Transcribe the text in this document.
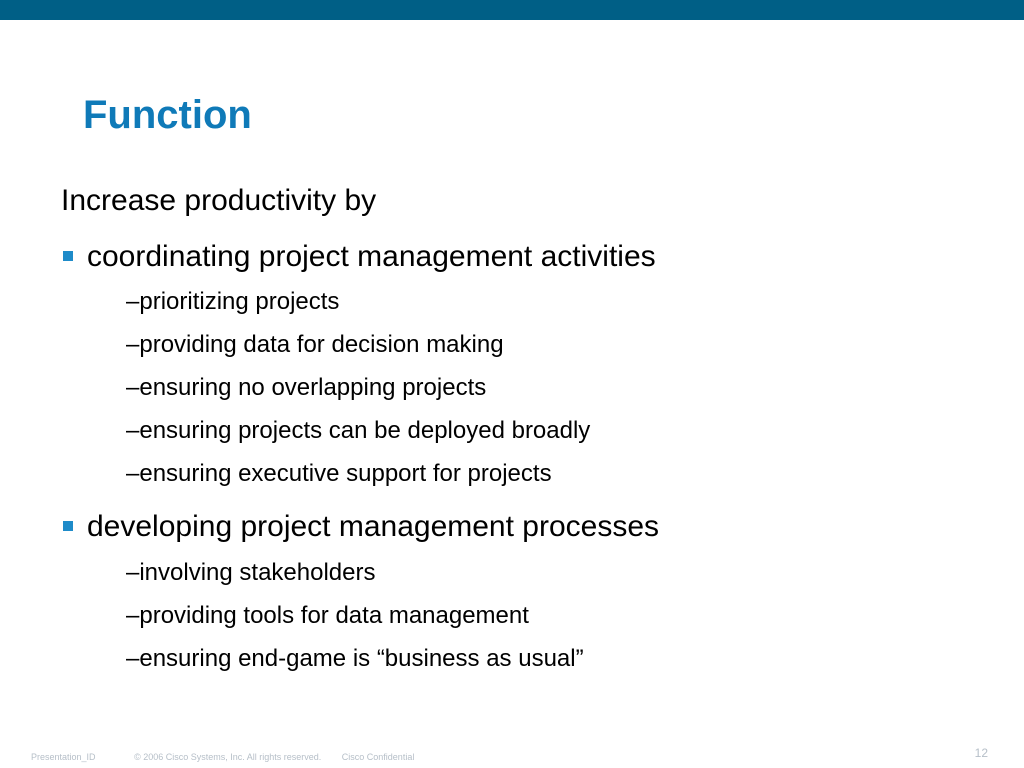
Function
Increase productivity by
coordinating project management activities
–prioritizing projects
–providing data for decision making
–ensuring no overlapping projects
–ensuring projects can be deployed broadly
–ensuring executive support for projects
developing project management processes
–involving stakeholders
–providing tools for data management
–ensuring end-game is “business as usual”
Presentation_ID	© 2006 Cisco Systems, Inc. All rights reserved. Cisco Confidential	12
